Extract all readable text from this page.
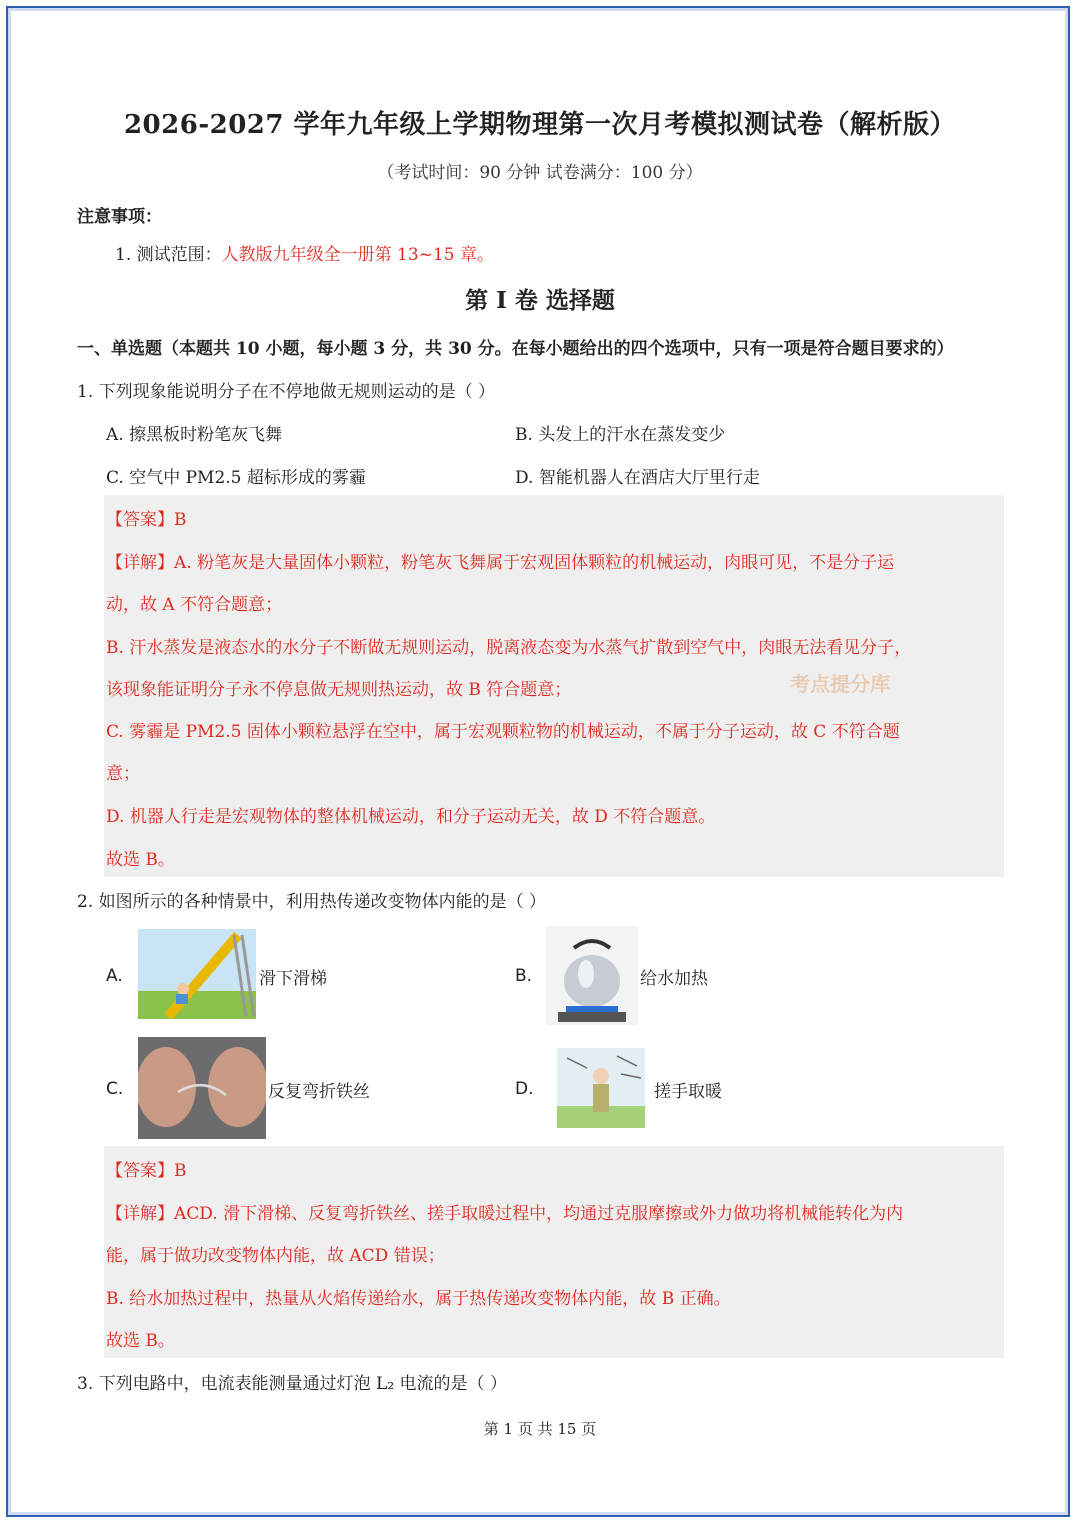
2026-2027 学年九年级上学期物理第一次月考模拟测试卷（解析版）
（考试时间：90 分钟 试卷满分：100 分）
注意事项：
1. 测试范围：人教版九年级全一册第 13~15 章。
第 I 卷 选择题
一、单选题（本题共 10 小题，每小题 3 分，共 30 分。在每小题给出的四个选项中，只有一项是符合题目要求的）
1. 下列现象能说明分子在不停地做无规则运动的是（ ）
A. 擦黑板时粉笔灰飞舞	B. 头发上的汗水在蒸发变少
C. 空气中 PM2.5 超标形成的雾霾	D. 智能机器人在酒店大厅里行走
【答案】B
【详解】A. 粉笔灰是大量固体小颗粒，粉笔灰飞舞属于宏观固体颗粒的机械运动，肉眼可见，不是分子运
动，故 A 不符合题意；
B. 汗水蒸发是液态水的水分子不断做无规则运动，脱离液态变为水蒸气扩散到空气中，肉眼无法看见分子，
该现象能证明分子永不停息做无规则热运动，故 B 符合题意；
C. 雾霾是 PM2.5 固体小颗粒悬浮在空中，属于宏观颗粒物的机械运动，不属于分子运动，故 C 不符合题
意；
D. 机器人行走是宏观物体的整体机械运动，和分子运动无关，故 D 不符合题意。
故选 B。
考点提分库
2. 如图所示的各种情景中，利用热传递改变物体内能的是（ ）
A.	滑下滑梯	B.	给水加热
C.	反复弯折铁丝	D.	搓手取暖
【答案】B
【详解】ACD. 滑下滑梯、反复弯折铁丝、搓手取暖过程中，均通过克服摩擦或外力做功将机械能转化为内
能，属于做功改变物体内能，故 ACD 错误；
B. 给水加热过程中，热量从火焰传递给水，属于热传递改变物体内能，故 B 正确。
故选 B。
3. 下列电路中，电流表能测量通过灯泡 L₂ 电流的是（ ）
第 1 页 共 15 页
